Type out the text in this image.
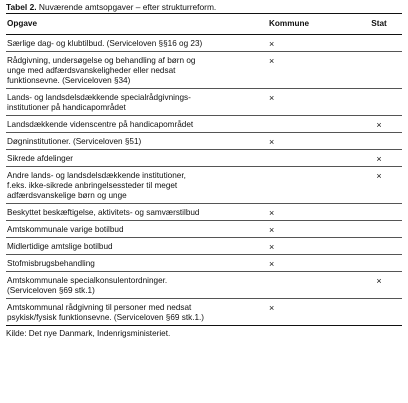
Tabel 2. Nuværende amtsopgaver – efter strukturreform.
Opgave	Kommune	Stat

Særlige dag- og klubtilbud. (Serviceloven §§16 og 23)	×	

Rådgivning, undersøgelse og behandling af børn og
unge med adfærdsvanskeligheder eller nedsat
funktionsevne. (Serviceloven §34)	×	

Lands- og landsdelsdækkende specialrådgivnings-
institutioner på handicapområdet	×	

Landsdækkende videnscentre på handicapområdet		×

Døgninstitutioner. (Serviceloven §51)	×	

Sikrede afdelinger		×

Andre lands- og landsdelsdækkende institutioner,
f.eks. ikke-sikrede anbringelsessteder til meget
adfærdsvanskelige børn og unge		×

Beskyttet beskæftigelse, aktivitets- og samværstilbud	×	

Amtskommunale varige botilbud	×	

Midlertidige amtslige botilbud	×	

Stofmisbrugsbehandling	×	

Amtskommunale specialkonsulentordninger.
(Serviceloven §69 stk.1)		×

Amtskommunal rådgivning til personer med nedsat
psykisk/fysisk funktionsevne. (Serviceloven §69 stk.1.)	×	
Kilde: Det nye Danmark, Indenrigsministeriet.
